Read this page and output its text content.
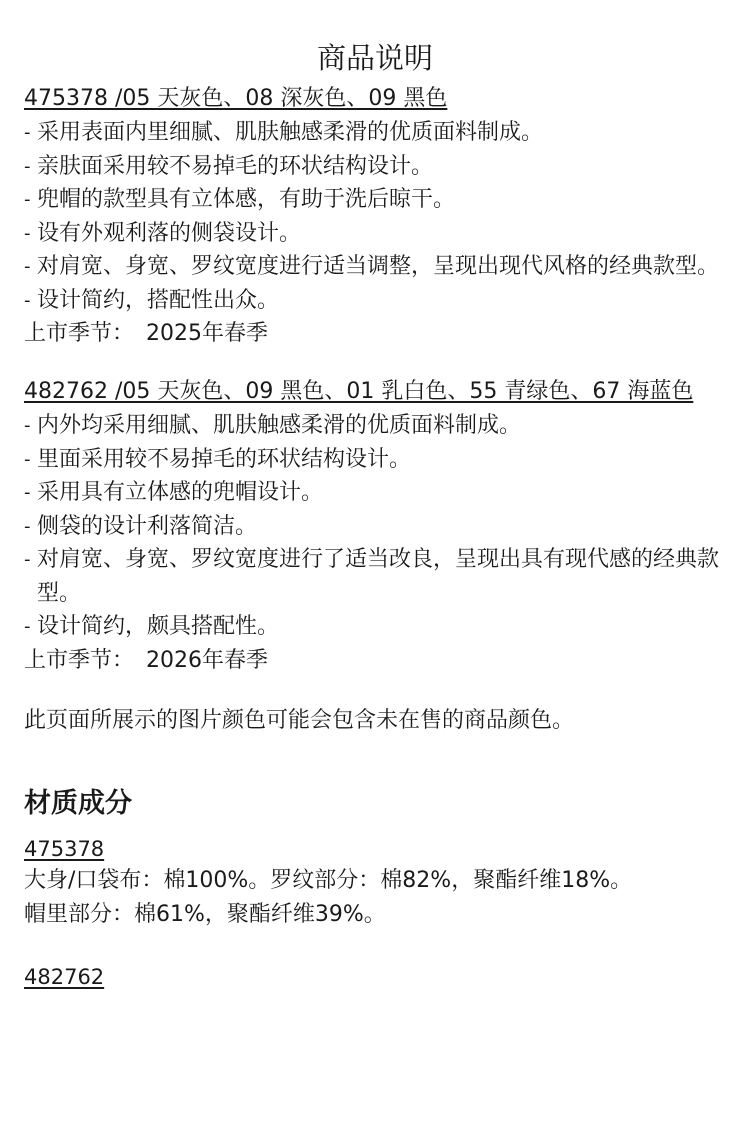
商品说明
475378 /05 天灰色、08 深灰色、09 黑色
- 采用表面内里细腻、肌肤触感柔滑的优质面料制成。
- 亲肤面采用较不易掉毛的环状结构设计。
- 兜帽的款型具有立体感，有助于洗后晾干。
- 设有外观利落的侧袋设计。
- 对肩宽、身宽、罗纹宽度进行适当调整，呈现出现代风格的经典款型。
- 设计简约，搭配性出众。
上市季节： 2025年春季
482762 /05 天灰色、09 黑色、01 乳白色、55 青绿色、67 海蓝色
- 内外均采用细腻、肌肤触感柔滑的优质面料制成。
- 里面采用较不易掉毛的环状结构设计。
- 采用具有立体感的兜帽设计。
- 侧袋的设计利落简洁。
- 对肩宽、身宽、罗纹宽度进行了适当改良，呈现出具有现代感的经典款型。
- 设计简约，颇具搭配性。
上市季节： 2026年春季
此页面所展示的图片颜色可能会包含未在售的商品颜色。
材质成分
475378
大身/口袋布：棉100%。罗纹部分：棉82%，聚酯纤维18%。
帽里部分：棉61%，聚酯纤维39%。
482762
